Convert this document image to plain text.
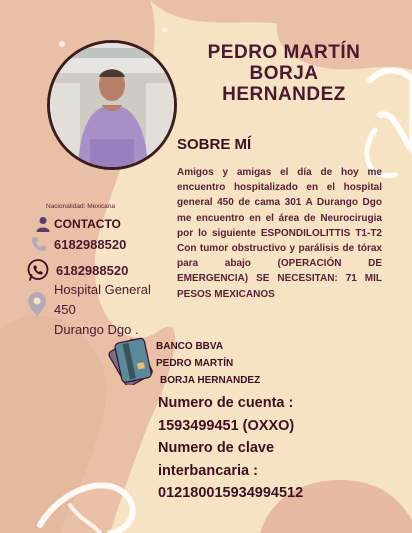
PEDRO MARTÍN
BORJA
HERNANDEZ
SOBRE MÍ
Amigos y amigas el día de hoy me encuentro hospitalizado en el hospital general 450 de cama 301 A Durango Dgo me encuentro en el área de Neurocirugia por lo siguiente ESPONDILOLITTIS T1-T2 Con tumor obstructivo y parálisis de tórax para abajo (OPERACIÓN DE EMERGENCIA) SE NECESITAN: 71 MIL PESOS MEXICANOS
Nacionalidad: Mexicana
CONTACTO
6182988520
6182988520
Hospital General
450
Durango Dgo .
BANCO BBVA
PEDRO MARTÍN
BORJA HERNANDEZ
Numero de cuenta :
1593499451 (OXXO)
Numero de clave
interbancaria :
012180015934994512
